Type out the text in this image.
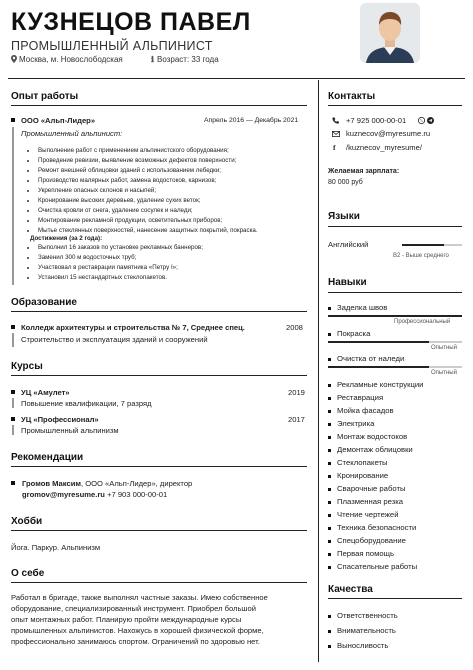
КУЗНЕЦОВ ПАВЕЛ
ПРОМЫШЛЕННЫЙ АЛЬПИНИСТ
Москва, м. Новослободская	ℹ Возраст: 33 года
Опыт работы
ООО «Альп-Лидер»	Апрель 2016 — Декабрь 2021
Промышленный альпинист:
Выполнение работ с применением альпинистского оборудования;
Проведение ревизии, выявление возможных дефектов поверхности;
Ремонт внешней облицовки зданий с использованием лебедки;
Производство малярных работ, замена водостоков, карнизов;
Укрепление опасных склонов и насыпей;
Кронирование высоких деревьев, удаление сухих веток;
Очистка кровли от снега, удаление сосулек и наледи;
Монтирование рекламной продукции, осветительных приборов;
Мытье стеклянных поверхностей, нанесение защитных покрытий, покраска.
Достижения (за 2 года):
Выполнил 16 заказов по установке рекламных баннеров;
Заменил 300 м водосточных труб;
Участвовал в реставрации памятника «Петру I»;
Установил 15 нестандартных стеклопакетов.
Образование
Колледж архитектуры и строительства № 7, Среднее спец.	2008
Строительство и эксплуатация зданий и сооружений
Курсы
УЦ «Амулет»	2019
Повышение квалификации, 7 разряд
УЦ «Профессионал»	2017
Промышленный альпинизм
Рекомендации
Громов Максим, ООО «Альп-Лидер», директор
gromov@myresume.ru +7 903 000-00-01
Хобби
Йога. Паркур. Альпинизм
О себе
Работал в бригаде, также выполнял частные заказы. Имею собственное
оборудование, специализированный инструмент. Приобрел большой
опыт монтажных работ. Планирую пройти международные курсы
промышленных альпинистов. Нахожусь в хорошей физической форме,
профессионально занимаюсь спортом. Ограничений по здоровью нет.
Контакты
+7 925 000-00-01
kuznecov@myresume.ru
f /kuznecov_myresume/
Желаемая зарплата:
80 000 руб
Языки
Английский
B2 - Выше среднего
Навыки
Заделка швов
Профессиональный
Покраска
Опытный
Очистка от наледи
Опытный
Рекламные конструкции
Реставрация
Мойка фасадов
Электрика
Монтаж водостоков
Демонтаж облицовки
Стеклопакеты
Кронирование
Сварочные работы
Плазменная резка
Чтение чертежей
Техника безопасности
Спецоборудование
Первая помощь
Спасательные работы
Качества
Ответственность
Внимательность
Выносливость
